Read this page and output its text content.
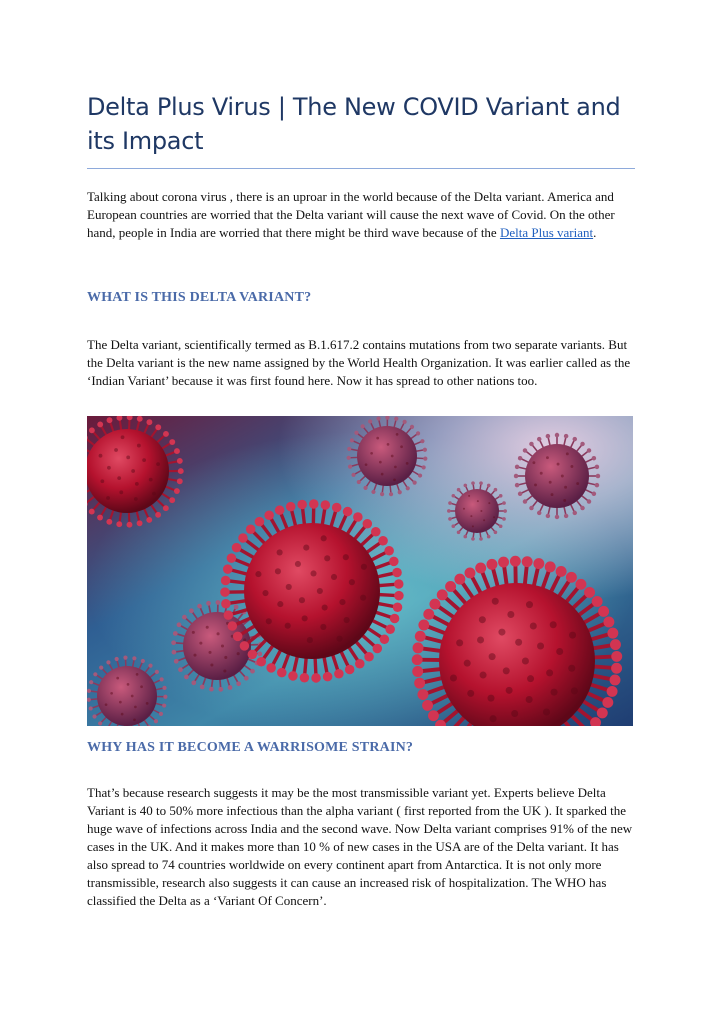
Delta Plus Virus | The New COVID Variant and its Impact

Talking about corona virus , there is an uproar in the world because of the Delta variant. America and European countries are worried that the Delta variant will cause the next wave of Covid. On the other hand, people in India are worried that there might be third wave because of the Delta Plus variant.

WHAT IS THIS DELTA VARIANT?

The Delta variant, scientifically termed as B.1.617.2 contains mutations from two separate variants. But the Delta variant is the new name assigned by the World Health Organization. It was earlier called as the ‘Indian Variant’ because it was first found here. Now it has spread to other nations too.

WHY HAS IT BECOME A WARRISOME STRAIN?

That’s because research suggests it may be the most transmissible variant yet. Experts believe Delta Variant is 40 to 50% more infectious than the alpha variant ( first reported from the UK ). It sparked the huge wave of infections across India and the second wave. Now Delta variant comprises 91% of the new cases in the UK. And it makes more than 10 % of new cases in the USA are of the Delta variant. It has also spread to 74 countries worldwide on every continent apart from Antarctica. It is not only more transmissible, research also suggests it can cause an increased risk of hospitalization. The WHO has classified the Delta as a ‘Variant Of Concern’.
